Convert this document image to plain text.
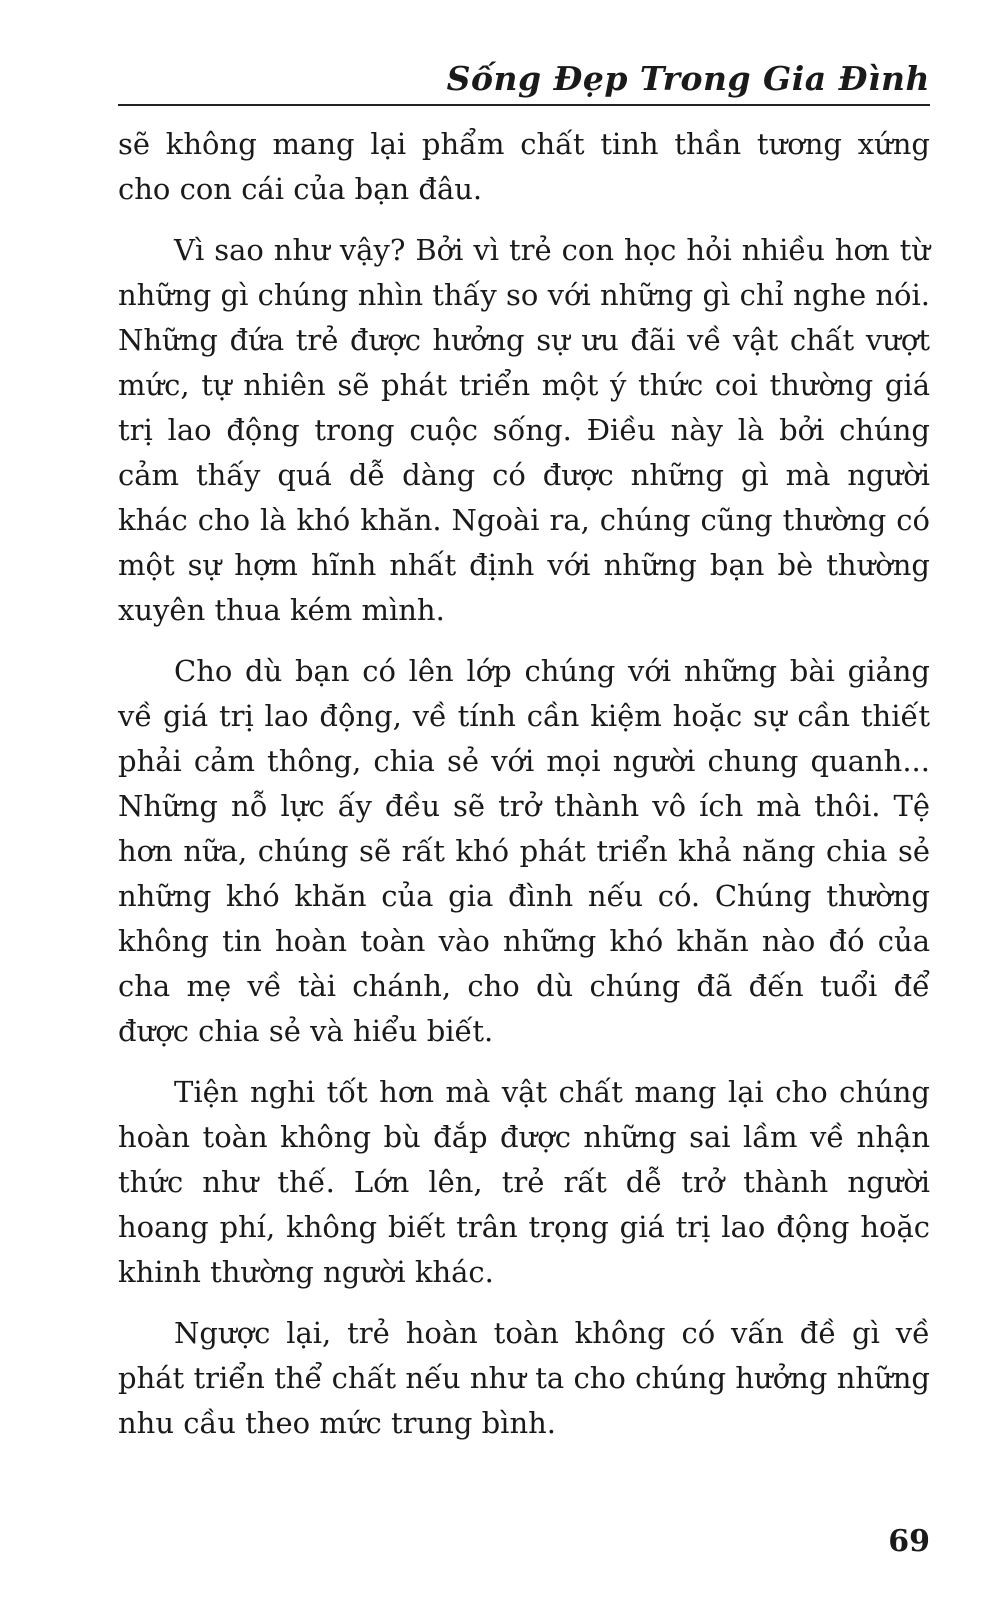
Sống Đẹp Trong Gia Đình

sẽ không mang lại phẩm chất tinh thần tương xứng cho con cái của bạn đâu.

Vì sao như vậy? Bởi vì trẻ con học hỏi nhiều hơn từ những gì chúng nhìn thấy so với những gì chỉ nghe nói. Những đứa trẻ được hưởng sự ưu đãi về vật chất vượt mức, tự nhiên sẽ phát triển một ý thức coi thường giá trị lao động trong cuộc sống. Điều này là bởi chúng cảm thấy quá dễ dàng có được những gì mà người khác cho là khó khăn. Ngoài ra, chúng cũng thường có một sự hợm hĩnh nhất định với những bạn bè thường xuyên thua kém mình.

Cho dù bạn có lên lớp chúng với những bài giảng về giá trị lao động, về tính cần kiệm hoặc sự cần thiết phải cảm thông, chia sẻ với mọi người chung quanh... Những nỗ lực ấy đều sẽ trở thành vô ích mà thôi. Tệ hơn nữa, chúng sẽ rất khó phát triển khả năng chia sẻ những khó khăn của gia đình nếu có. Chúng thường không tin hoàn toàn vào những khó khăn nào đó của cha mẹ về tài chánh, cho dù chúng đã đến tuổi để được chia sẻ và hiểu biết.

Tiện nghi tốt hơn mà vật chất mang lại cho chúng hoàn toàn không bù đắp được những sai lầm về nhận thức như thế. Lớn lên, trẻ rất dễ trở thành người hoang phí, không biết trân trọng giá trị lao động hoặc khinh thường người khác.

Ngược lại, trẻ hoàn toàn không có vấn đề gì về phát triển thể chất nếu như ta cho chúng hưởng những nhu cầu theo mức trung bình.

69
